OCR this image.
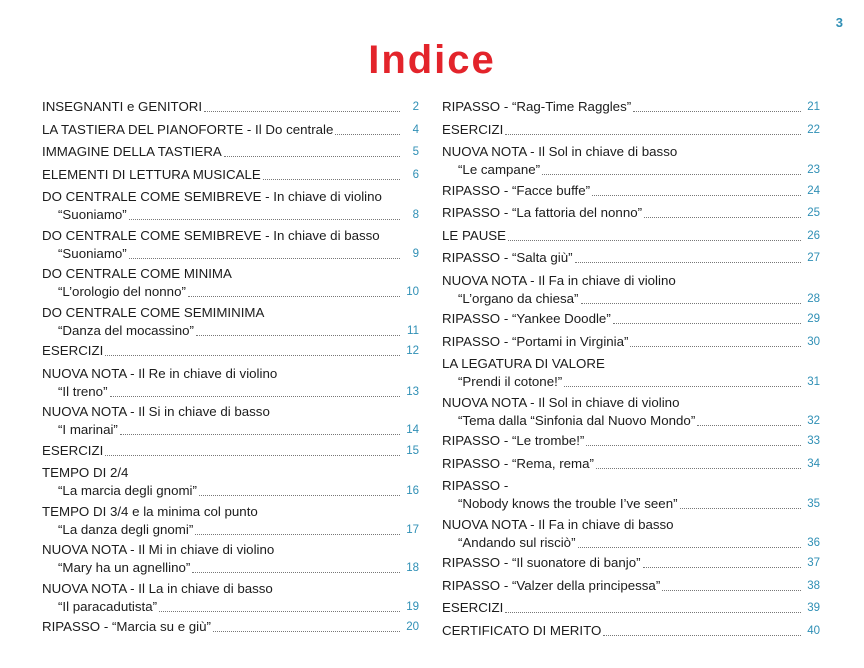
3
Indice
INSEGNANTI e GENITORI	2
LA TASTIERA DEL PIANOFORTE - Il Do centrale	4
IMMAGINE DELLA TASTIERA	5
ELEMENTI DI LETTURA MUSICALE	6
DO CENTRALE COME SEMIBREVE - In chiave di violino
“Suoniamo”	8
DO CENTRALE COME SEMIBREVE - In chiave di basso
“Suoniamo”	9
DO CENTRALE COME MINIMA
“L’orologio del nonno”	10
DO CENTRALE COME SEMIMINIMA
“Danza del mocassino”	11
ESERCIZI	12
NUOVA NOTA - Il Re in chiave di violino
“Il treno”	13
NUOVA NOTA - Il Si in chiave di basso
“I marinai”	14
ESERCIZI	15
TEMPO DI 2/4
“La marcia degli gnomi”	16
TEMPO DI 3/4 e la minima col punto
“La danza degli gnomi”	17
NUOVA NOTA - Il Mi in chiave di violino
“Mary ha un agnellino”	18
NUOVA NOTA - Il La in chiave di basso
“Il paracadutista”	19
RIPASSO - “Marcia su e giù”	20
RIPASSO - “Rag-Time Raggles”	21
ESERCIZI	22
NUOVA NOTA - Il Sol in chiave di basso
“Le campane”	23
RIPASSO - “Facce buffe”	24
RIPASSO - “La fattoria del nonno”	25
LE PAUSE	26
RIPASSO - “Salta giù”	27
NUOVA NOTA - Il Fa in chiave di violino
“L’organo da chiesa”	28
RIPASSO - “Yankee Doodle”	29
RIPASSO - “Portami in Virginia”	30
LA LEGATURA DI VALORE
“Prendi il cotone!”	31
NUOVA NOTA - Il Sol in chiave di violino
“Tema dalla “Sinfonia dal Nuovo Mondo”	32
RIPASSO - “Le trombe!”	33
RIPASSO - “Rema, rema”	34
RIPASSO -
“Nobody knows the trouble I’ve seen”	35
NUOVA NOTA - Il Fa in chiave di basso
“Andando sul risciò”	36
RIPASSO - “Il suonatore di banjo”	37
RIPASSO - “Valzer della principessa”	38
ESERCIZI	39
CERTIFICATO DI MERITO	40
